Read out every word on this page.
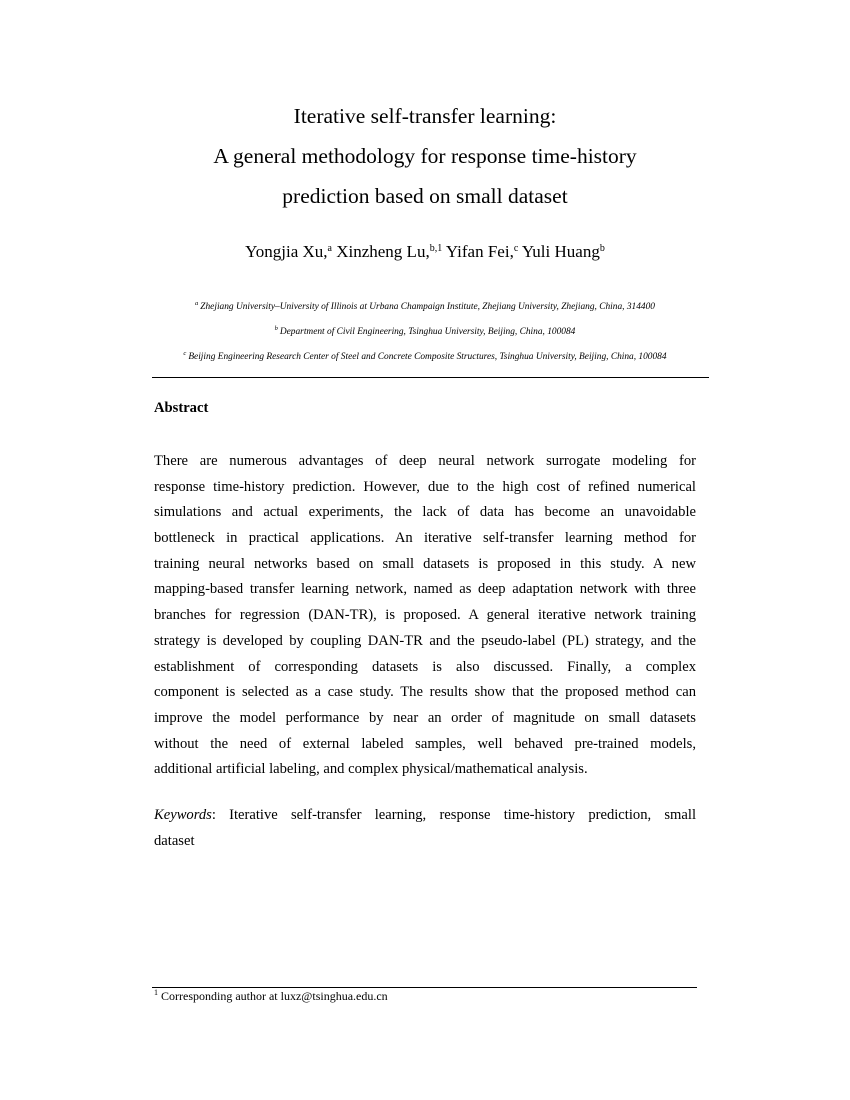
Iterative self-transfer learning:
A general methodology for response time-history
prediction based on small dataset
Yongjia Xu,$^a$ Xinzheng Lu,$^{b,1}$ Yifan Fei,$^c$ Yuli Huang$^b$
$^a$ Zhejiang University–University of Illinois at Urbana Champaign Institute, Zhejiang University, Zhejiang, China, 314400
$^b$ Department of Civil Engineering, Tsinghua University, Beijing, China, 100084
$^c$ Beijing Engineering Research Center of Steel and Concrete Composite Structures, Tsinghua University, Beijing, China, 100084
Abstract
There are numerous advantages of deep neural network surrogate modeling for
response time-history prediction. However, due to the high cost of refined numerical
simulations and actual experiments, the lack of data has become an unavoidable
bottleneck in practical applications. An iterative self-transfer learning method for
training neural networks based on small datasets is proposed in this study. A new
mapping-based transfer learning network, named as deep adaptation network with three
branches for regression (DAN-TR), is proposed. A general iterative network training
strategy is developed by coupling DAN-TR and the pseudo-label (PL) strategy, and the
establishment of corresponding datasets is also discussed. Finally, a complex
component is selected as a case study. The results show that the proposed method can
improve the model performance by near an order of magnitude on small datasets
without the need of external labeled samples, well behaved pre-trained models,
additional artificial labeling, and complex physical/mathematical analysis.
Keywords: Iterative self-transfer learning, response time-history prediction, small
dataset
$^1$ Corresponding author at luxz@tsinghua.edu.cn
